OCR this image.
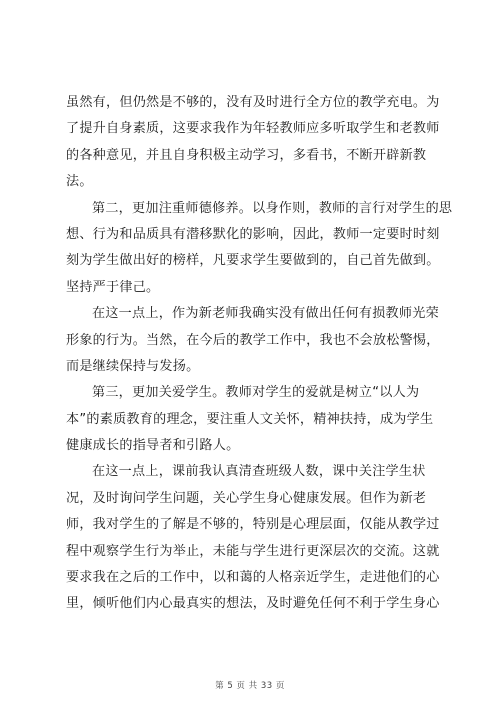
虽然有，但仍然是不够的，没有及时进行全方位的教学充电。为
了提升自身素质，这要求我作为年轻教师应多听取学生和老教师
的各种意见，并且自身积极主动学习，多看书，不断开辟新教
法。
第二，更加注重师德修养。以身作则，教师的言行对学生的思
想、行为和品质具有潜移默化的影响，因此，教师一定要时时刻
刻为学生做出好的榜样，凡要求学生要做到的，自己首先做到。
坚持严于律己。
在这一点上，作为新老师我确实没有做出任何有损教师光荣
形象的行为。当然，在今后的教学工作中，我也不会放松警惕，
而是继续保持与发扬。
第三，更加关爱学生。教师对学生的爱就是树立“以人为
本”的素质教育的理念，要注重人文关怀，精神扶持，成为学生
健康成长的指导者和引路人。
在这一点上，课前我认真清查班级人数，课中关注学生状
况，及时询问学生问题，关心学生身心健康发展。但作为新老
师，我对学生的了解是不够的，特别是心理层面，仅能从教学过
程中观察学生行为举止，未能与学生进行更深层次的交流。这就
要求我在之后的工作中，以和蔼的人格亲近学生，走进他们的心
里，倾听他们内心最真实的想法，及时避免任何不利于学生身心
第 5 页 共 33 页
